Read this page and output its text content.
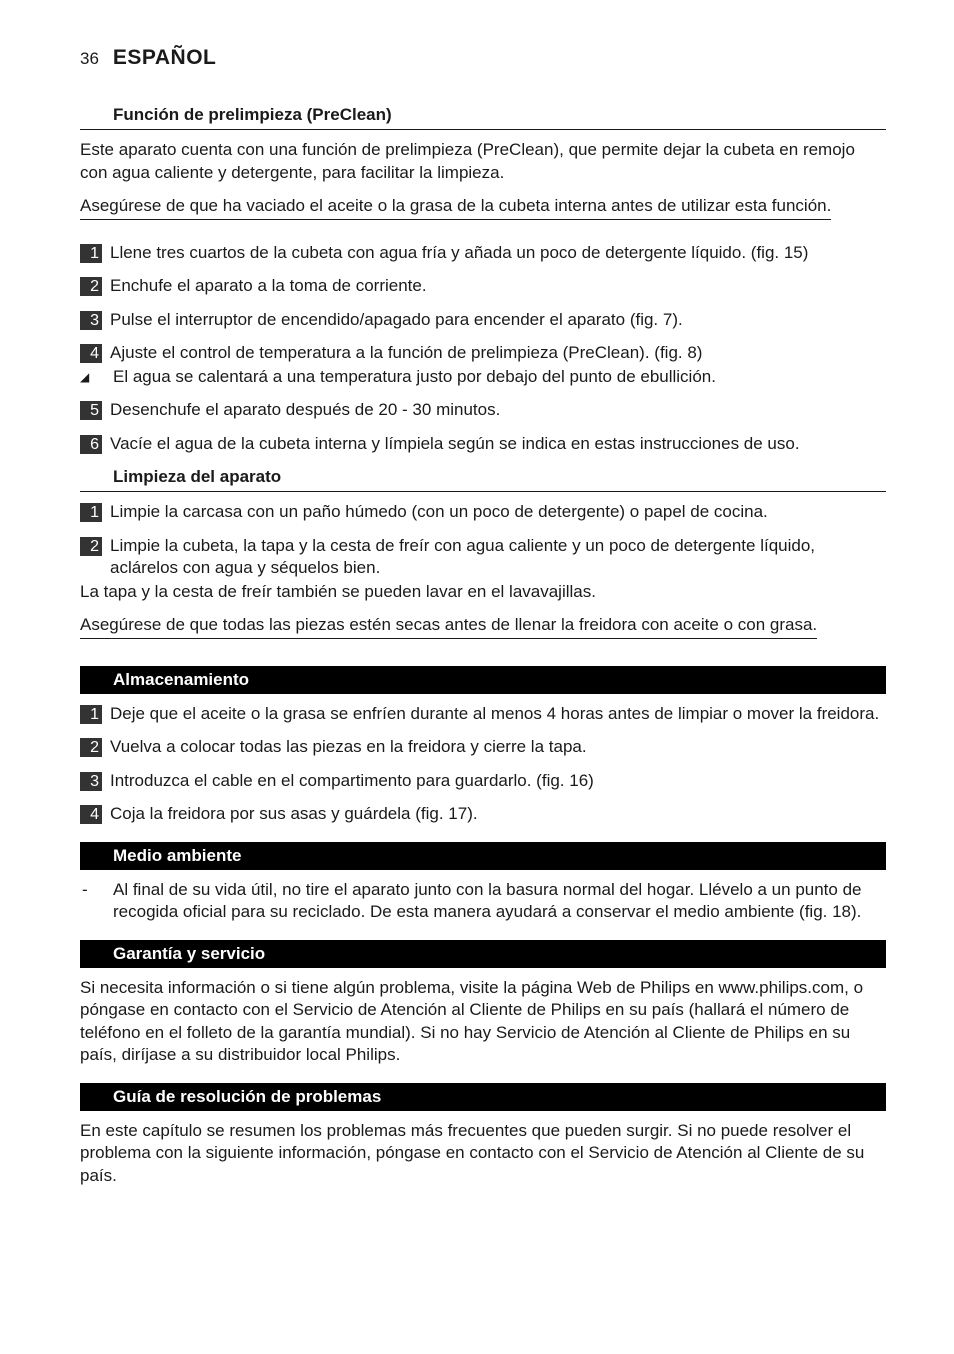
36 ESPAÑOL
Función de prelimpieza (PreClean)
Este aparato cuenta con una función de prelimpieza (PreClean), que permite dejar la cubeta en remojo con agua caliente y detergente, para facilitar la limpieza.
Asegúrese de que ha vaciado el aceite o la grasa de la cubeta interna antes de utilizar esta función.
1 Llene tres cuartos de la cubeta con agua fría y añada un poco de detergente líquido. (fig. 15)
2 Enchufe el aparato a la toma de corriente.
3 Pulse el interruptor de encendido/apagado para encender el aparato (fig. 7).
4 Ajuste el control de temperatura a la función de prelimpieza (PreClean). (fig. 8)
◢	El agua se calentará a una temperatura justo por debajo del punto de ebullición.
5 Desenchufe el aparato después de 20 - 30 minutos.
6 Vacíe el agua de la cubeta interna y límpiela según se indica en estas instrucciones de uso.
Limpieza del aparato
1 Limpie la carcasa con un paño húmedo (con un poco de detergente) o papel de cocina.
2 Limpie la cubeta, la tapa y la cesta de freír con agua caliente y un poco de detergente líquido, aclárelos con agua y séquelos bien.
La tapa y la cesta de freír también se pueden lavar en el lavavajillas.
Asegúrese de que todas las piezas estén secas antes de llenar la freidora con aceite o con grasa.
Almacenamiento
1 Deje que el aceite o la grasa se enfríen durante al menos 4 horas antes de limpiar o mover la freidora.
2 Vuelva a colocar todas las piezas en la freidora y cierre la tapa.
3 Introduzca el cable en el compartimento para guardarlo. (fig. 16)
4 Coja la freidora por sus asas y guárdela (fig. 17).
Medio ambiente
-	Al final de su vida útil, no tire el aparato junto con la basura normal del hogar. Llévelo a un punto de recogida oficial para su reciclado. De esta manera ayudará a conservar el medio ambiente (fig. 18).
Garantía y servicio
Si necesita información o si tiene algún problema, visite la página Web de Philips en www.philips.com, o póngase en contacto con el Servicio de Atención al Cliente de Philips en su país (hallará el número de teléfono en el folleto de la garantía mundial). Si no hay Servicio de Atención al Cliente de Philips en su país, diríjase a su distribuidor local Philips.
Guía de resolución de problemas
En este capítulo se resumen los problemas más frecuentes que pueden surgir. Si no puede resolver el problema con la siguiente información, póngase en contacto con el Servicio de Atención al Cliente de su país.
